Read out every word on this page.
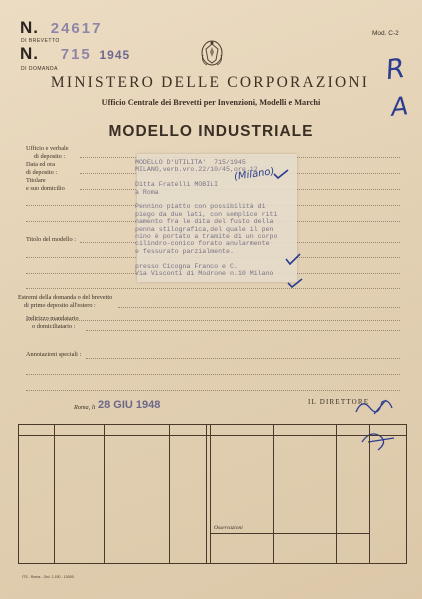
N. 24617
DI BREVETTO
N. 715 1945
DI DOMANDA
Mod. C-2
MINISTERO DELLE CORPORAZIONI
Ufficio Centrale dei Brevetti per Invenzioni, Modelli e Marchi
MODELLO INDUSTRIALE
R
A
Ufficio e verbale
di deposito :
Data ed ora
di deposito :
Titolare
e suo domicilio
Titolo del modello :
Estremi della domanda o del brevetto
di primo deposito all'estero :
Indirizzo mandatario
o domiciliatario :
Annotazioni speciali :
MODELLO D'UTILITA'  715/1945
MILANO,verb.vro.22/10/45,ore 12

Ditta Fratelli MOBILI
a Roma

Pennino piatto con possibilità di
piego da due lati, con semplice riti
namento fra le dita del fusto della
penna stilografica,del quale il pen
nino è portato a tramite di un corpo
cilindro-conico forato anularmente
e fessurato parzialmente.

presso Cicogna Franco e C.
Via Visconti di Modrone n.10 Milano
(Milano)
Roma, li 28 GIU 1948	IL DIRETTORE
Osservazioni
ITS - Roma - Ord. 1.150 - 10000
